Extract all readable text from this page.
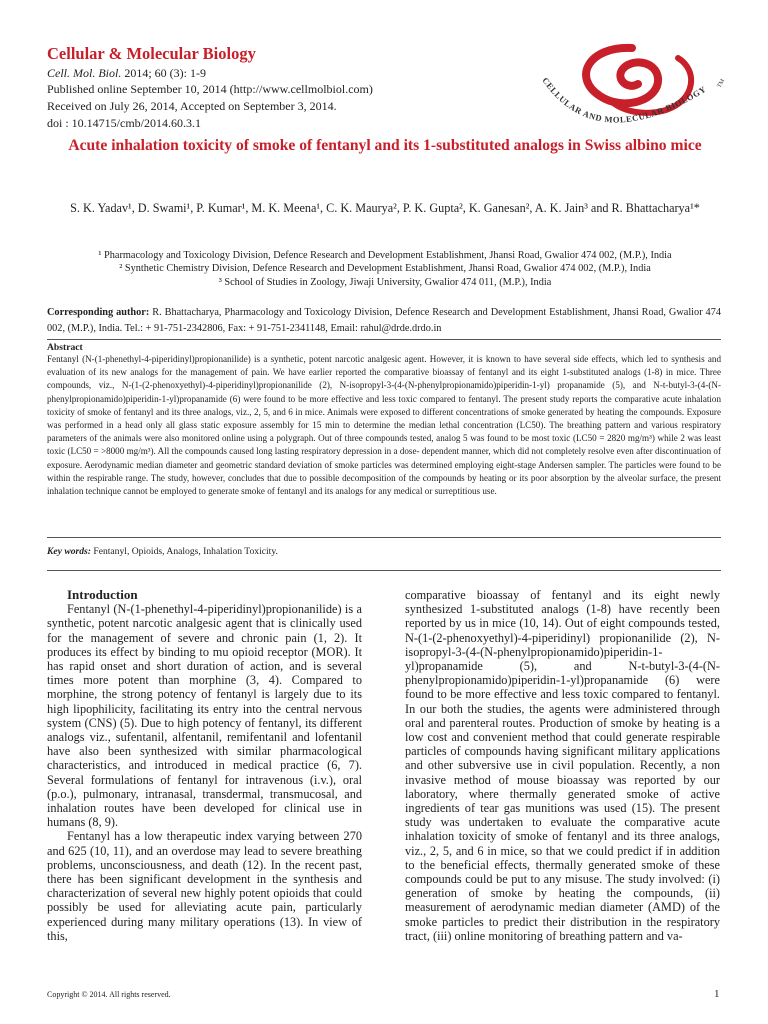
Cellular & Molecular Biology
Cell. Mol. Biol. 2014; 60 (3): 1-9
Published online September 10, 2014 (http://www.cellmolbiol.com)
Received on July 26, 2014, Accepted on September 3, 2014.
doi : 10.14715/cmb/2014.60.3.1
CELLULAR AND MOLECULAR BIOLOGY
TM
Acute inhalation toxicity of smoke of fentanyl and its 1-substituted analogs in Swiss albino mice
S. K. Yadav¹, D. Swami¹, P. Kumar¹, M. K. Meena¹, C. K. Maurya², P. K. Gupta², K. Ganesan², A. K. Jain³ and R. Bhattacharya¹*
¹ Pharmacology and Toxicology Division, Defence Research and Development Establishment, Jhansi Road, Gwalior 474 002, (M.P.), India
² Synthetic Chemistry Division, Defence Research and Development Establishment, Jhansi Road, Gwalior 474 002, (M.P.), India
³ School of Studies in Zoology, Jiwaji University, Gwalior 474 011, (M.P.), India
Corresponding author: R. Bhattacharya, Pharmacology and Toxicology Division, Defence Research and Development Establishment, Jhansi Road, Gwalior 474 002, (M.P.), India. Tel.: + 91-751-2342806, Fax: + 91-751-2341148, Email: rahul@drde.drdo.in
Abstract
Fentanyl (N-(1-phenethyl-4-piperidinyl)propionanilide) is a synthetic, potent narcotic analgesic agent. However, it is known to have several side effects, which led to synthesis and evaluation of its new analogs for the management of pain. We have earlier reported the comparative bioassay of fentanyl and its eight 1-substituted analogs (1-8) in mice. Three compounds, viz., N-(1-(2-phenoxyethyl)-4-piperidinyl)propionanilide (2), N-isopropyl-3-(4-(N-phenylpropionamido)piperidin-1-yl) propanamide (5), and N-t-butyl-3-(4-(N-phenylpropionamido)piperidin-1-yl)propanamide (6) were found to be more effective and less toxic compared to fentanyl. The present study reports the comparative acute inhalation toxicity of smoke of fentanyl and its three analogs, viz., 2, 5, and 6 in mice. Animals were exposed to different concentrations of smoke generated by heating the compounds. Exposure was performed in a head only all glass static exposure assembly for 15 min to determine the median lethal concentration (LC50). The breathing pattern and various respiratory parameters of the animals were also monitored online using a polygraph. Out of three compounds tested, analog 5 was found to be most toxic (LC50 = 2820 mg/m³) while 2 was least toxic (LC50 = >8000 mg/m³). All the compounds caused long lasting respiratory depression in a dose- dependent manner, which did not completely resolve even after discontinuation of exposure. Aerodynamic median diameter and geometric standard deviation of smoke particles was determined employing eight-stage Andersen sampler. The particles were found to be within the respirable range. The study, however, concludes that due to possible decomposition of the compounds by heating or its poor absorption by the alveolar surface, the present inhalation technique cannot be employed to generate smoke of fentanyl and its analogs for any medical or surreptitious use.
Key words: Fentanyl, Opioids, Analogs, Inhalation Toxicity.

Introduction

Fentanyl (N-(1-phenethyl-4-piperidinyl)propionanilide) is a synthetic, potent narcotic analgesic agent that is clinically used for the management of severe and chronic pain (1, 2). It produces its effect by binding to mu opioid receptor (MOR). It has rapid onset and short duration of action, and is several times more potent than morphine (3, 4). Compared to morphine, the strong potency of fentanyl is largely due to its high lipophilicity, facilitating its entry into the central nervous system (CNS) (5). Due to high potency of fentanyl, its different analogs viz., sufentanil, alfentanil, remifentanil and lofentanil have also been synthesized with similar pharmacological characteristics, and introduced in medical practice (6, 7). Several formulations of fentanyl for intravenous (i.v.), oral (p.o.), pulmonary, intranasal, transdermal, transmucosal, and inhalation routes have been developed for clinical use in humans (8, 9).

Fentanyl has a low therapeutic index varying between 270 and 625 (10, 11), and an overdose may lead to severe breathing problems, unconsciousness, and death (12). In the recent past, there has been significant development in the synthesis and characterization of several new highly potent opioids that could possibly be used for alleviating acute pain, particularly experienced during many military operations (13). In view of this,

comparative bioassay of fentanyl and its eight newly synthesized 1-substituted analogs (1-8) have recently been reported by us in mice (10, 14). Out of eight compounds tested, N-(1-(2-phenoxyethyl)-4-piperidinyl) propionanilide (2), N-isopropyl-3-(4-(N-phenylpropionamido)piperidin-1-yl)propanamide (5), and N-t-butyl-3-(4-(N-phenylpropionamido)piperidin-1-yl)propanamide (6) were found to be more effective and less toxic compared to fentanyl. In our both the studies, the agents were administered through oral and parenteral routes. Production of smoke by heating is a low cost and convenient method that could generate respirable particles of compounds having significant military applications and other subversive use in civil population. Recently, a non invasive method of mouse bioassay was reported by our laboratory, where thermally generated smoke of active ingredients of tear gas munitions was used (15). The present study was undertaken to evaluate the comparative acute inhalation toxicity of smoke of fentanyl and its three analogs, viz., 2, 5, and 6 in mice, so that we could predict if in addition to the beneficial effects, thermally generated smoke of these compounds could be put to any misuse. The study involved: (i) generation of smoke by heating the compounds, (ii) measurement of aerodynamic median diameter (AMD) of the smoke particles to predict their distribution in the respiratory tract, (iii) online monitoring of breathing pattern and va-

Copyright © 2014. All rights reserved.	1
